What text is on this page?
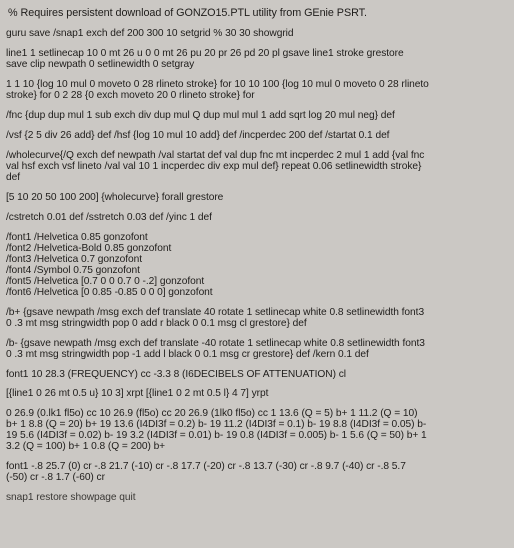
% Requires persistent download of GONZO15.PTL utility from GEnie PSRT.
guru save /snap1 exch def 200 300 10 setgrid % 30 30 showgrid
line1 1 setlinecap 10 0 mt 26 u 0 0 mt 26 pu 20 pr 26 pd 20 pl gsave line1 stroke grestore
save clip newpath 0 setlinewidth 0 setgray
1 1 10 {log 10 mul 0 moveto 0 28 rlineto stroke} for 10 10 100 {log 10 mul 0 moveto 0 28 rlineto
stroke} for 0 2 28 {0 exch moveto 20 0 rlineto stroke} for
/fnc {dup dup mul 1 sub exch div dup mul Q dup mul mul 1 add sqrt log 20 mul neg} def
/vsf {2 5 div 26 add} def /hsf {log 10 mul 10 add} def /incperdec 200 def /startat 0.1 def
/wholecurve{/Q exch def newpath /val startat def val dup fnc mt incperdec 2 mul 1 add {val fnc
val hsf exch vsf lineto /val val 10 1 incperdec div exp mul def} repeat 0.06 setlinewidth stroke}
def
[5 10 20 50 100 200] {wholecurve} forall grestore
/cstretch 0.01 def /sstretch 0.03 def /yinc 1 def
/font1 /Helvetica 0.85 gonzofont
/font2 /Helvetica-Bold 0.85 gonzofont
/font3 /Helvetica 0.7 gonzofont
/font4 /Symbol 0.75 gonzofont
/font5 /Helvetica [0.7 0 0 0.7 0 -.2] gonzofont
/font6 /Helvetica [0 0.85 -0.85 0 0 0] gonzofont
/b+ {gsave newpath /msg exch def translate 40 rotate 1 setlinecap white 0.8 setlinewidth font3
0 .3 mt msg stringwidth pop 0 add r black 0 0.1 msg cl grestore} def
/b- {gsave newpath /msg exch def translate -40 rotate 1 setlinecap white 0.8 setlinewidth font3
0 .3 mt msg stringwidth pop -1 add l black 0 0.1 msg cr grestore} def /kern 0.1 def
font1 10 28.3 (FREQUENCY) cc -3.3 8 (I6DECIBELS OF ATTENUATION) cl
[{line1 0 26 mt 0.5 u} 10 3] xrpt [{line1 0 2 mt 0.5 l} 4 7] yrpt
0 26.9 (0.lk1 fl5o) cc 10 26.9 (fl5o) cc 20 26.9 (1lk0 fl5o) cc 1 13.6 (Q = 5) b+ 1 11.2 (Q = 10)
b+ 1 8.8 (Q = 20) b+ 19 13.6 (I4DI3f = 0.2) b- 19 11.2 (I4DI3f = 0.1) b- 19 8.8 (I4DI3f = 0.05) b-
19 5.6 (I4DI3f = 0.02) b- 19 3.2 (I4DI3f = 0.01) b- 19 0.8 (I4DI3f = 0.005) b- 1 5.6 (Q = 50) b+ 1
3.2 (Q = 100) b+ 1 0.8 (Q = 200) b+
font1 -.8 25.7 (0) cr -.8 21.7 (-10) cr -.8 17.7 (-20) cr -.8 13.7 (-30) cr -.8 9.7 (-40) cr -.8 5.7
(-50) cr -.8 1.7 (-60) cr
snap1 restore showpage quit
